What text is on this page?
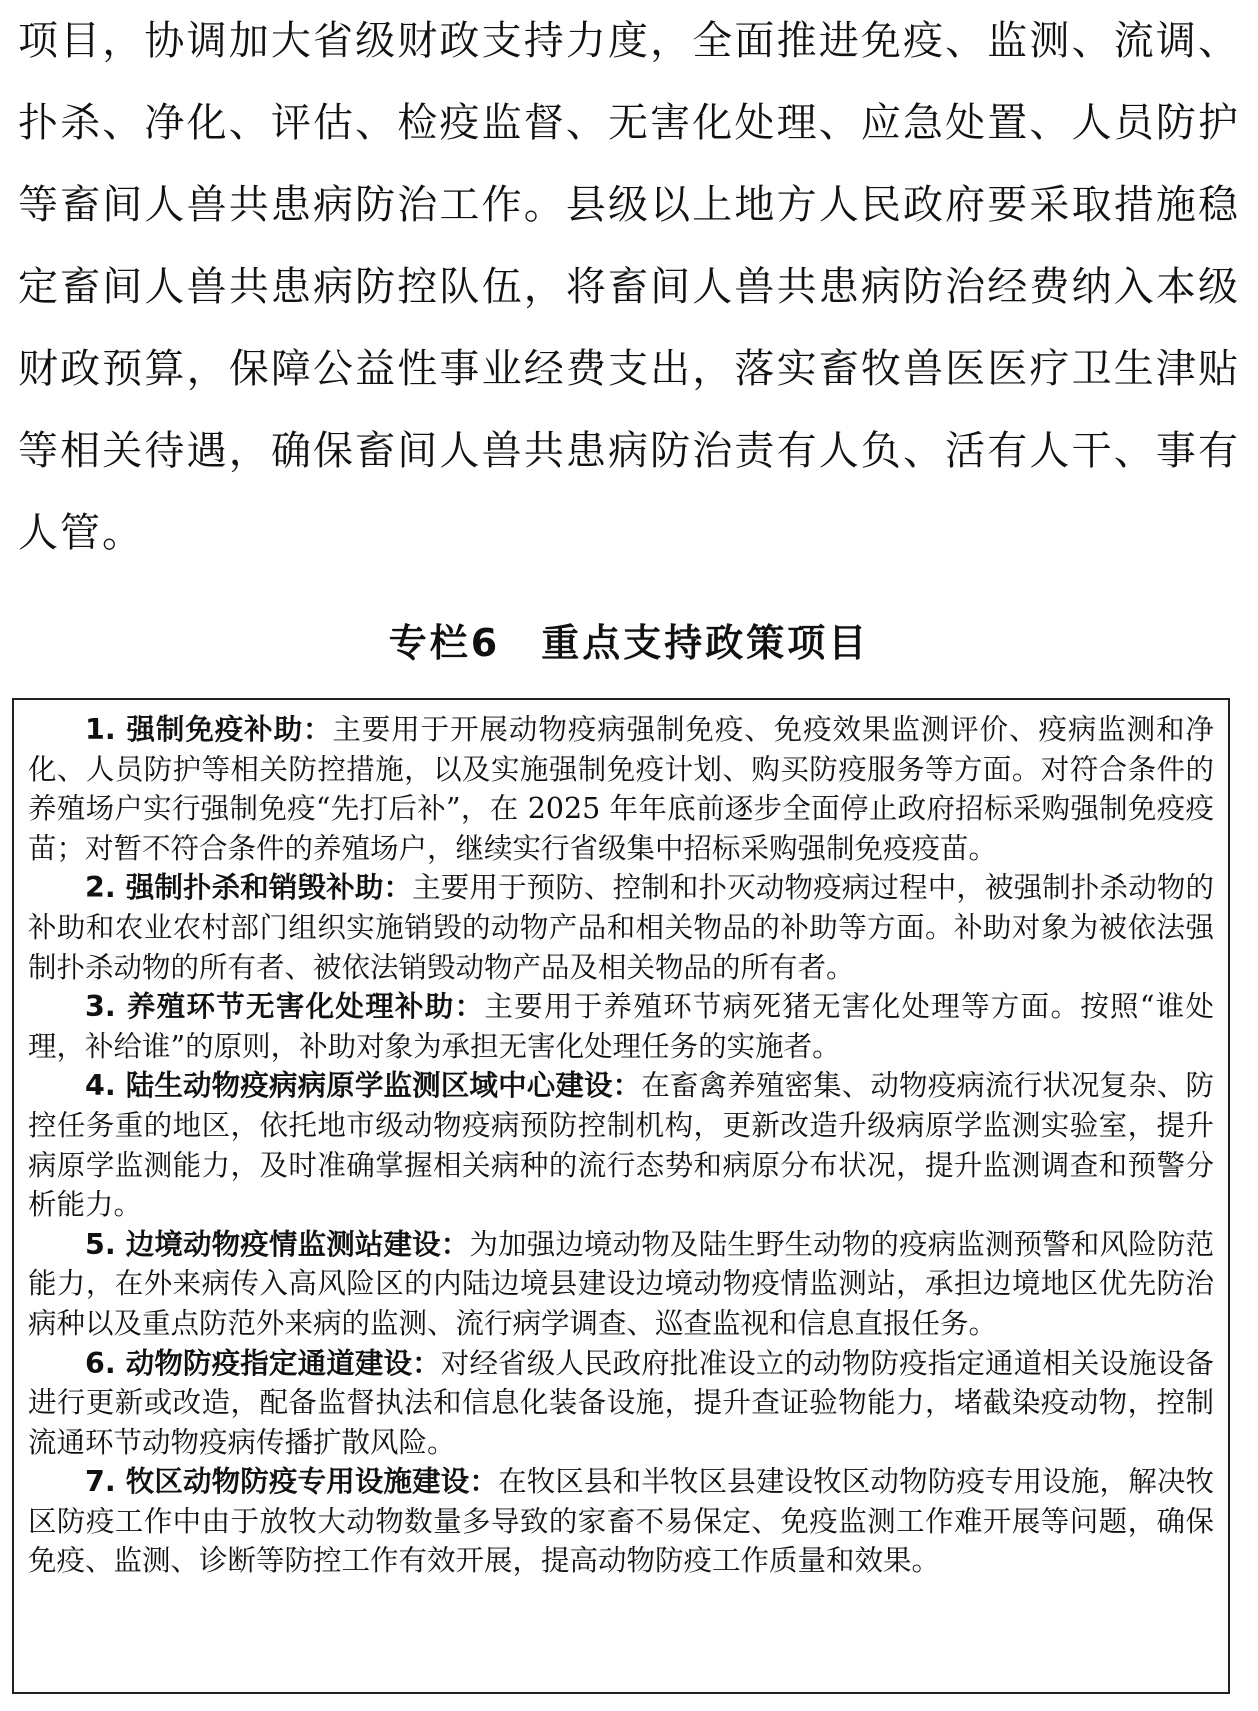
项目，协调加大省级财政支持力度，全面推进免疫、监测、流调、扑杀、净化、评估、检疫监督、无害化处理、应急处置、人员防护等畜间人兽共患病防治工作。县级以上地方人民政府要采取措施稳定畜间人兽共患病防控队伍，将畜间人兽共患病防治经费纳入本级财政预算，保障公益性事业经费支出，落实畜牧兽医医疗卫生津贴等相关待遇，确保畜间人兽共患病防治责有人负、活有人干、事有人管。

专栏6　重点支持政策项目

1. 强制免疫补助：主要用于开展动物疫病强制免疫、免疫效果监测评价、疫病监测和净化、人员防护等相关防控措施，以及实施强制免疫计划、购买防疫服务等方面。对符合条件的养殖场户实行强制免疫“先打后补”，在 2025 年年底前逐步全面停止政府招标采购强制免疫疫苗；对暂不符合条件的养殖场户，继续实行省级集中招标采购强制免疫疫苗。

2. 强制扑杀和销毁补助：主要用于预防、控制和扑灭动物疫病过程中，被强制扑杀动物的补助和农业农村部门组织实施销毁的动物产品和相关物品的补助等方面。补助对象为被依法强制扑杀动物的所有者、被依法销毁动物产品及相关物品的所有者。

3. 养殖环节无害化处理补助：主要用于养殖环节病死猪无害化处理等方面。按照“谁处理，补给谁”的原则，补助对象为承担无害化处理任务的实施者。

4. 陆生动物疫病病原学监测区域中心建设：在畜禽养殖密集、动物疫病流行状况复杂、防控任务重的地区，依托地市级动物疫病预防控制机构，更新改造升级病原学监测实验室，提升病原学监测能力，及时准确掌握相关病种的流行态势和病原分布状况，提升监测调查和预警分析能力。

5. 边境动物疫情监测站建设：为加强边境动物及陆生野生动物的疫病监测预警和风险防范能力，在外来病传入高风险区的内陆边境县建设边境动物疫情监测站，承担边境地区优先防治病种以及重点防范外来病的监测、流行病学调查、巡查监视和信息直报任务。

6. 动物防疫指定通道建设：对经省级人民政府批准设立的动物防疫指定通道相关设施设备进行更新或改造，配备监督执法和信息化装备设施，提升查证验物能力，堵截染疫动物，控制流通环节动物疫病传播扩散风险。

7. 牧区动物防疫专用设施建设：在牧区县和半牧区县建设牧区动物防疫专用设施，解决牧区防疫工作中由于放牧大动物数量多导致的家畜不易保定、免疫监测工作难开展等问题，确保免疫、监测、诊断等防控工作有效开展，提高动物防疫工作质量和效果。
